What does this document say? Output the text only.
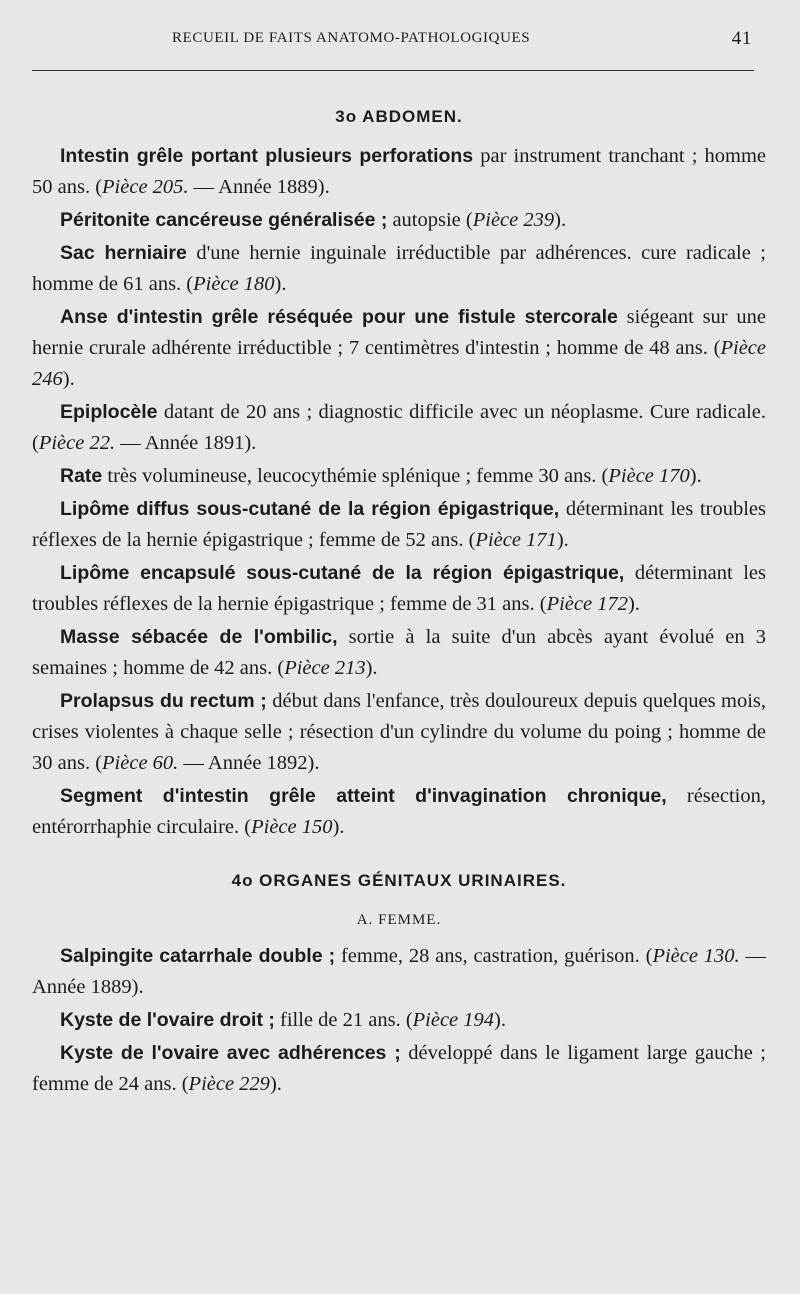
RECUEIL DE FAITS ANATOMO-PATHOLOGIQUES	41
3o ABDOMEN.

Intestin grêle portant plusieurs perforations par instrument tranchant ; homme 50 ans. (Pièce 205. — Année 1889).

Péritonite cancéreuse généralisée ; autopsie (Pièce 239).

Sac herniaire d'une hernie inguinale irréductible par adhérences. cure radicale ; homme de 61 ans. (Pièce 180).

Anse d'intestin grêle réséquée pour une fistule stercorale siégeant sur une hernie crurale adhérente irréductible ; 7 centimètres d'intestin ; homme de 48 ans. (Pièce 246).

Epiplocèle datant de 20 ans ; diagnostic difficile avec un néoplasme. Cure radicale. (Pièce 22. — Année 1891).

Rate très volumineuse, leucocythémie splénique ; femme 30 ans. (Pièce 170).

Lipôme diffus sous-cutané de la région épigastrique, déterminant les troubles réflexes de la hernie épigastrique ; femme de 52 ans. (Pièce 171).

Lipôme encapsulé sous-cutané de la région épigastrique, déterminant les troubles réflexes de la hernie épigastrique ; femme de 31 ans. (Pièce 172).

Masse sébacée de l'ombilic, sortie à la suite d'un abcès ayant évolué en 3 semaines ; homme de 42 ans. (Pièce 213).

Prolapsus du rectum ; début dans l'enfance, très douloureux depuis quelques mois, crises violentes à chaque selle ; résection d'un cylindre du volume du poing ; homme de 30 ans. (Pièce 60. — Année 1892).

Segment d'intestin grêle atteint d'invagination chronique, résection, entérorrhaphie circulaire. (Pièce 150).

4o ORGANES GÉNITAUX URINAIRES.
A. FEMME.

Salpingite catarrhale double ; femme, 28 ans, castration, guérison. (Pièce 130. — Année 1889).

Kyste de l'ovaire droit ; fille de 21 ans. (Pièce 194).

Kyste de l'ovaire avec adhérences ; développé dans le ligament large gauche ; femme de 24 ans. (Pièce 229).
